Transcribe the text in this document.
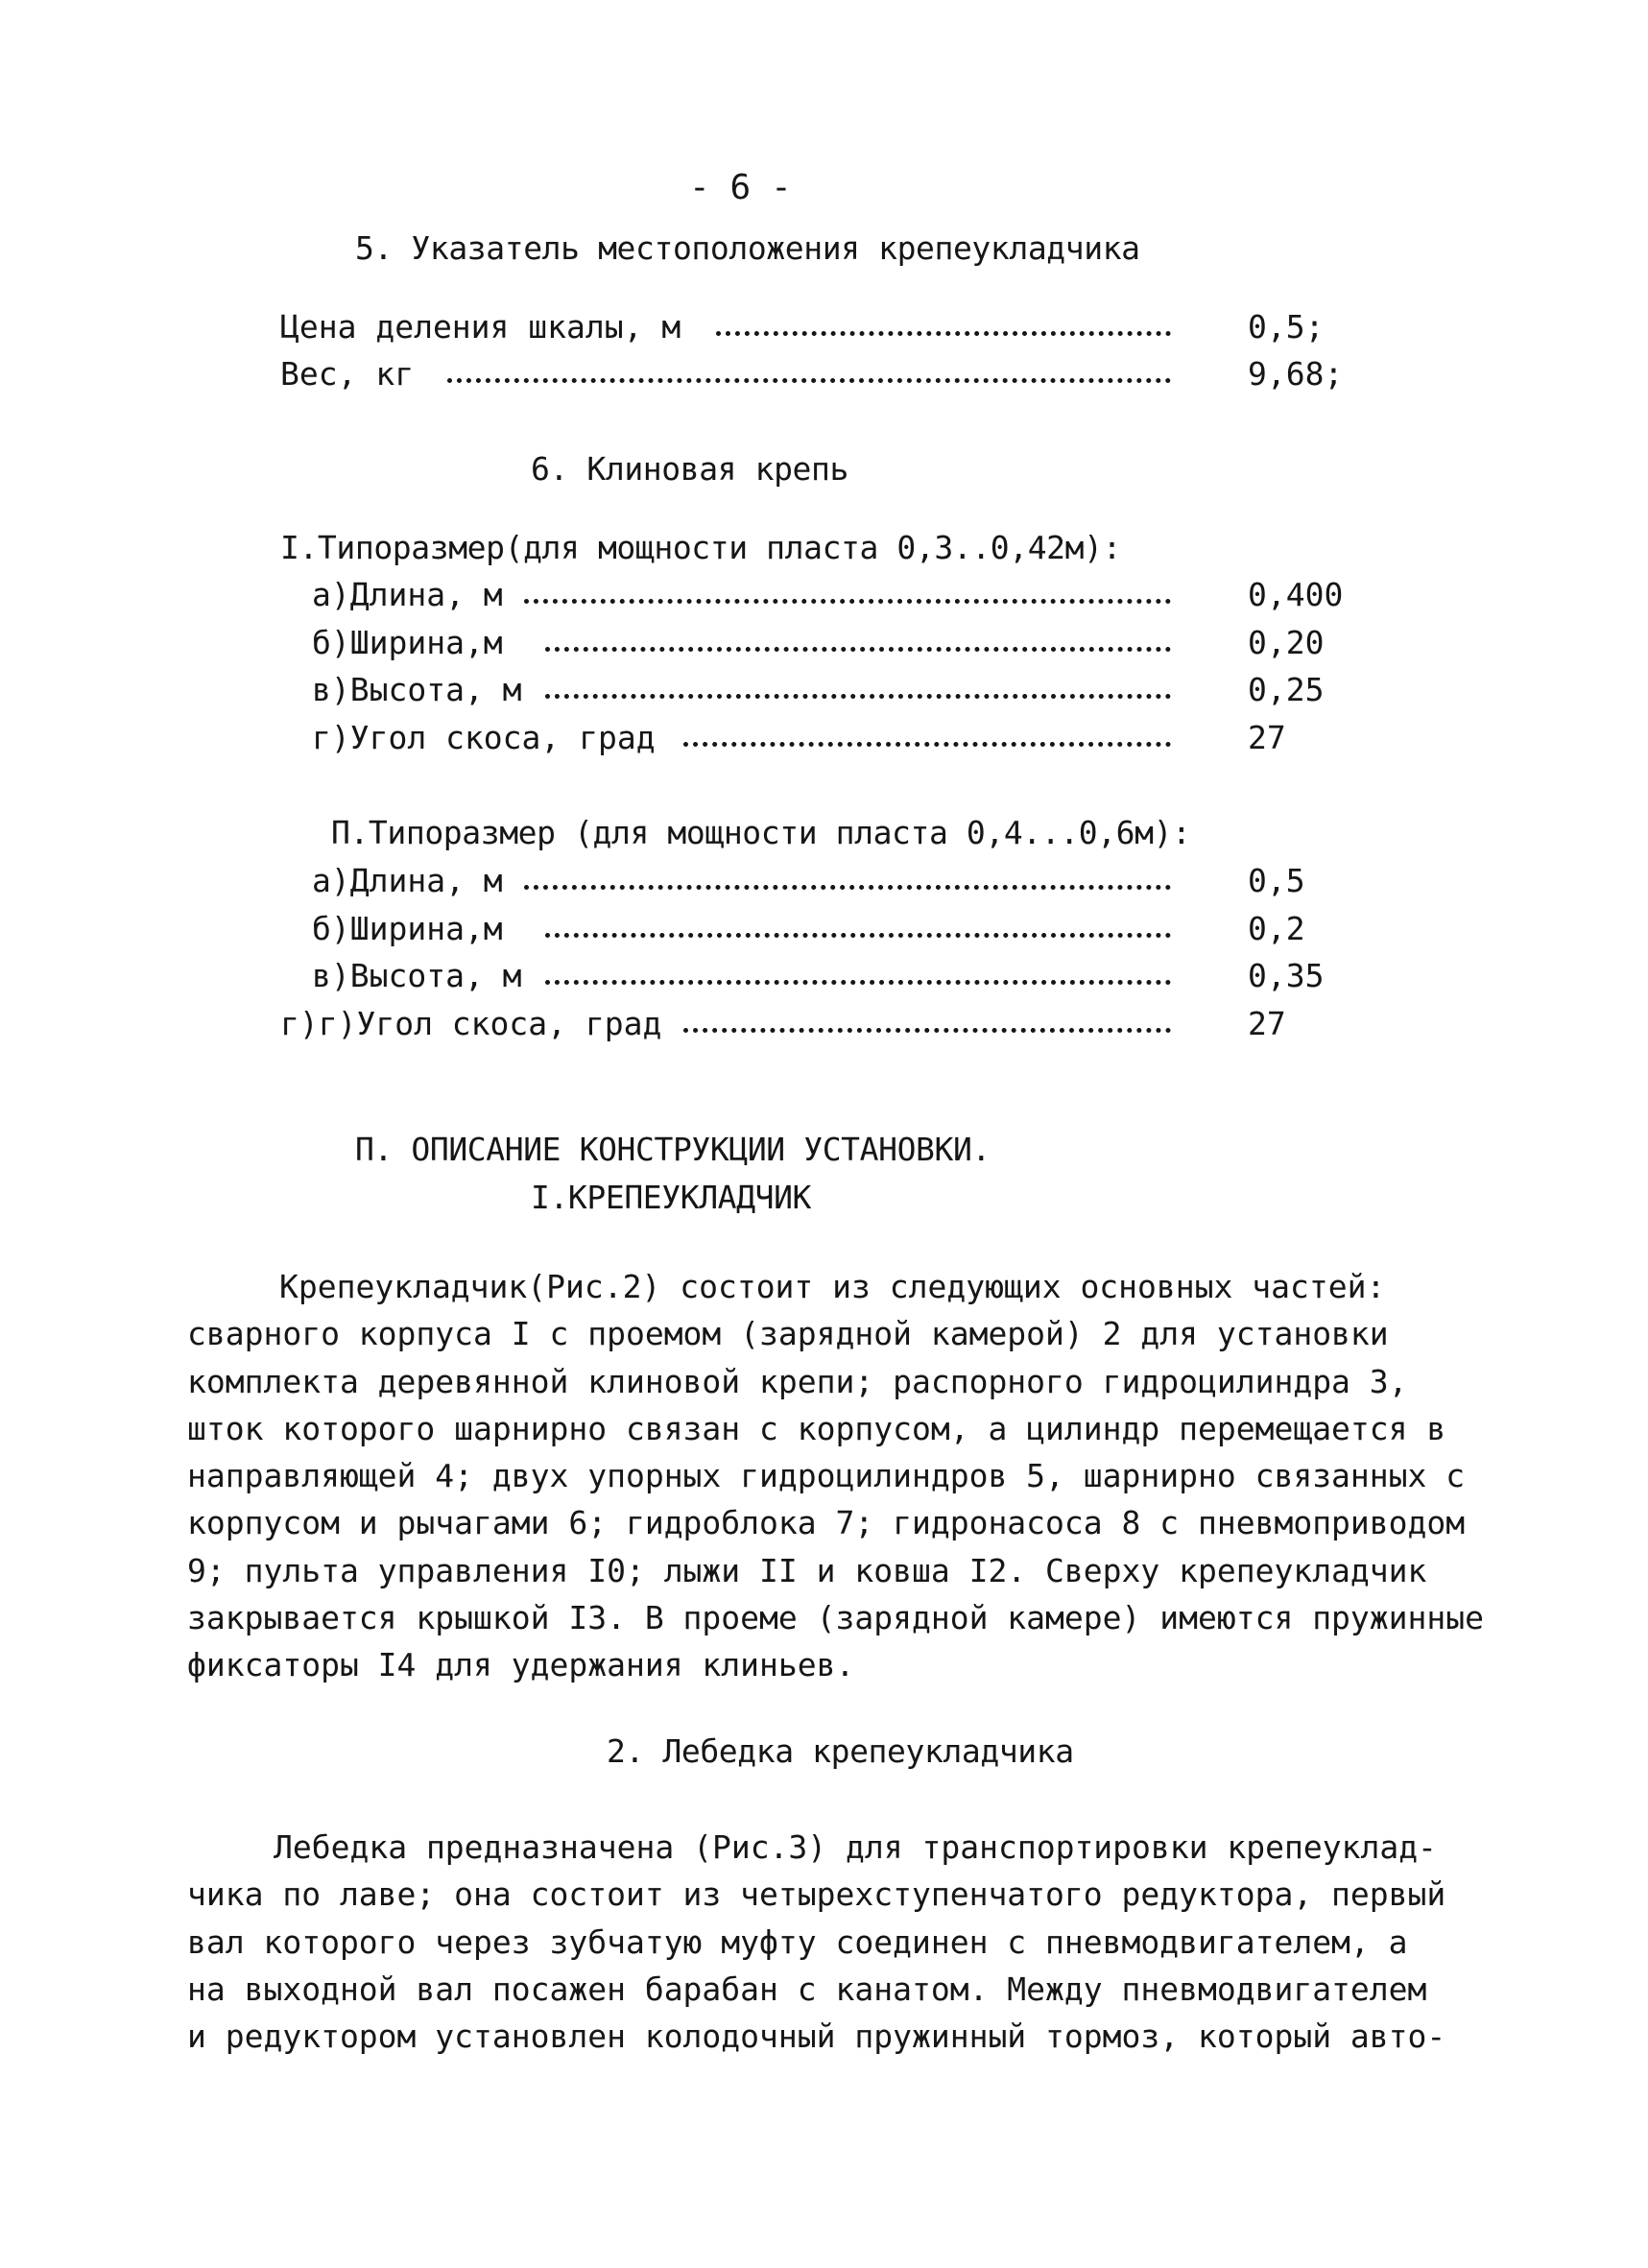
- 6 -
5. Указатель местоположения крепеукладчика
Цена деления шкалы, м	0,5;
Вес, кг	9,68;
6. Клиновая крепь
I.Типоразмер(для мощности пласта 0,3..0,42м):
а)Длина, м	0,400
б)Ширина,м	0,20
в)Высота, м	0,25
г)Угол скоса, град	27
П.Типоразмер (для мощности пласта 0,4...0,6м):
а)Длина, м	0,5
б)Ширина,м	0,2
в)Высота, м	0,35
г)г)Угол скоса, град	27
П. ОПИСАНИЕ КОНСТРУКЦИИ УСТАНОВКИ.
I.КРЕПЕУКЛАДЧИК
Крепеукладчик(Рис.2) состоит из следующих основных частей:
сварного корпуса I с проемом (зарядной камерой) 2 для установки
комплекта деревянной клиновой крепи; распорного гидроцилиндра 3,
шток которого шарнирно связан с корпусом, а цилиндр перемещается в
направляющей 4; двух упорных гидроцилиндров 5, шарнирно связанных с
корпусом и рычагами 6; гидроблока 7; гидронасоса 8 с пневмоприводом
9; пульта управления I0; лыжи II и ковша I2. Сверху крепеукладчик
закрывается крышкой I3. В проеме (зарядной камере) имеются пружинные
фиксаторы I4 для удержания клиньев.
2. Лебедка крепеукладчика
Лебедка предназначена (Рис.3) для транспортировки крепеуклад-
чика по лаве; она состоит из четырехступенчатого редуктора, первый
вал которого через зубчатую муфту соединен с пневмодвигателем, а
на выходной вал посажен барабан с канатом. Между пневмодвигателем
и редуктором установлен колодочный пружинный тормоз, который авто-
